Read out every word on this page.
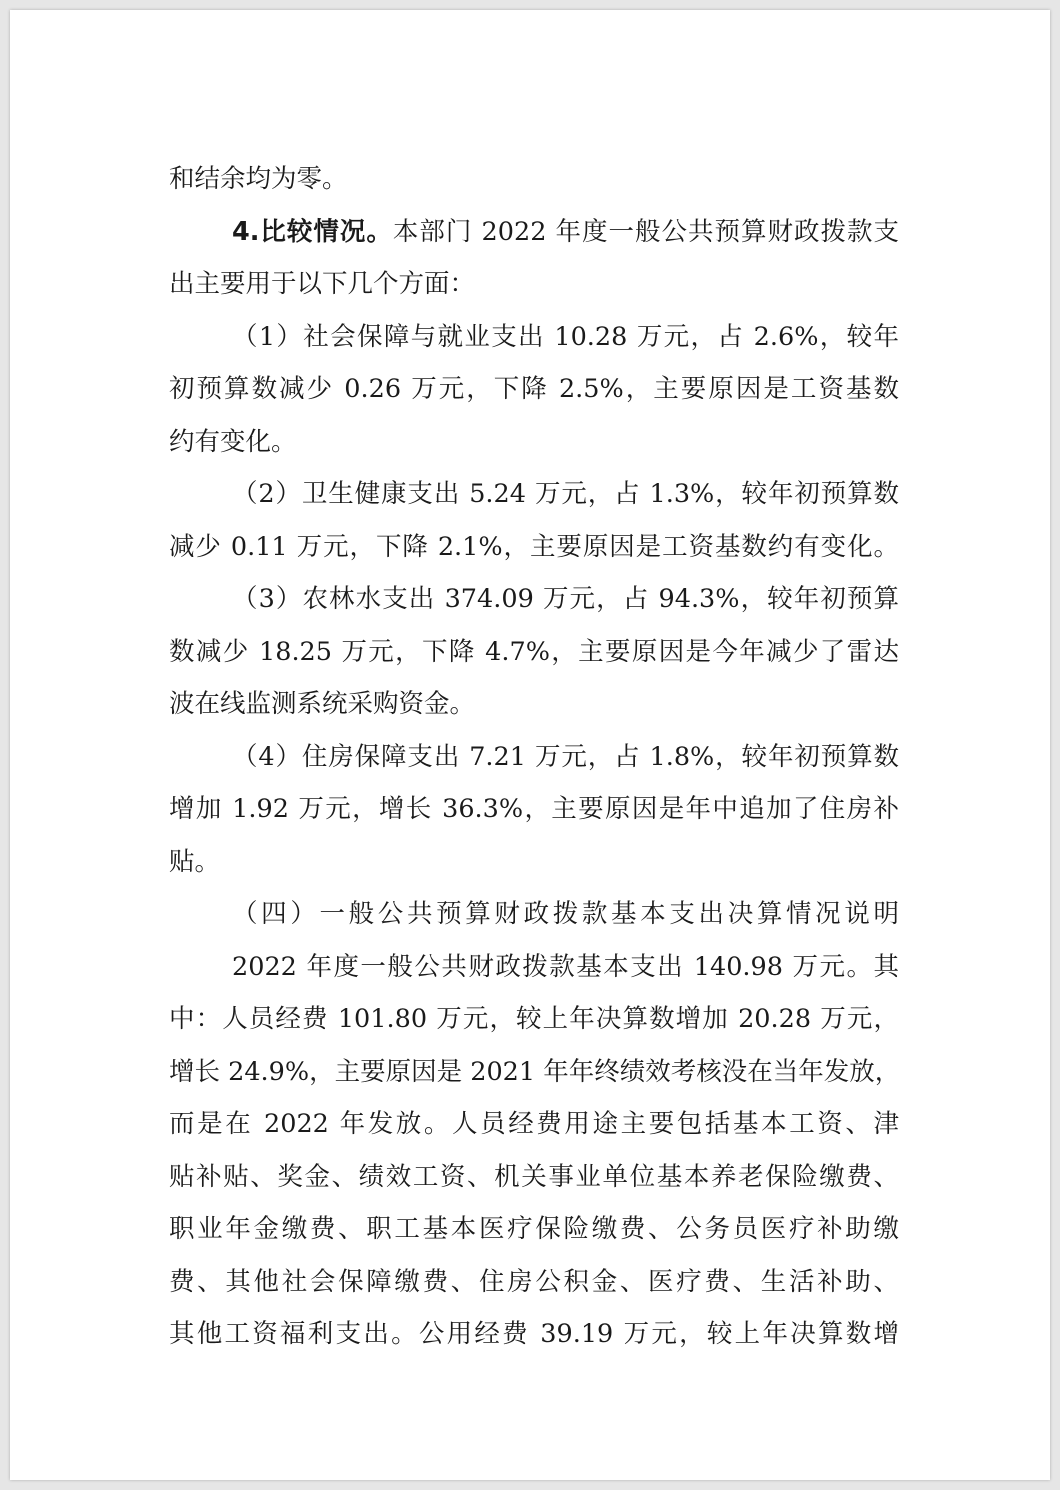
和结余均为零。
4.比较情况。本部门 2022 年度一般公共预算财政拨款支
出主要用于以下几个方面：
（1）社会保障与就业支出 10.28 万元，占 2.6%，较年
初预算数减少 0.26 万元，下降 2.5%，主要原因是工资基数
约有变化。
（2）卫生健康支出 5.24 万元，占 1.3%，较年初预算数
减少 0.11 万元，下降 2.1%，主要原因是工资基数约有变化。
（3）农林水支出 374.09 万元，占 94.3%，较年初预算
数减少 18.25 万元，下降 4.7%，主要原因是今年减少了雷达
波在线监测系统采购资金。
（4）住房保障支出 7.21 万元，占 1.8%，较年初预算数
增加 1.92 万元，增长 36.3%，主要原因是年中追加了住房补
贴。
（四）一般公共预算财政拨款基本支出决算情况说明
2022 年度一般公共财政拨款基本支出 140.98 万元。其
中：人员经费 101.80 万元，较上年决算数增加 20.28 万元，
增长 24.9%，主要原因是 2021 年年终绩效考核没在当年发放，
而是在 2022 年发放。人员经费用途主要包括基本工资、津
贴补贴、奖金、绩效工资、机关事业单位基本养老保险缴费、
职业年金缴费、职工基本医疗保险缴费、公务员医疗补助缴
费、其他社会保障缴费、住房公积金、医疗费、生活补助、
其他工资福利支出。公用经费 39.19 万元，较上年决算数增
